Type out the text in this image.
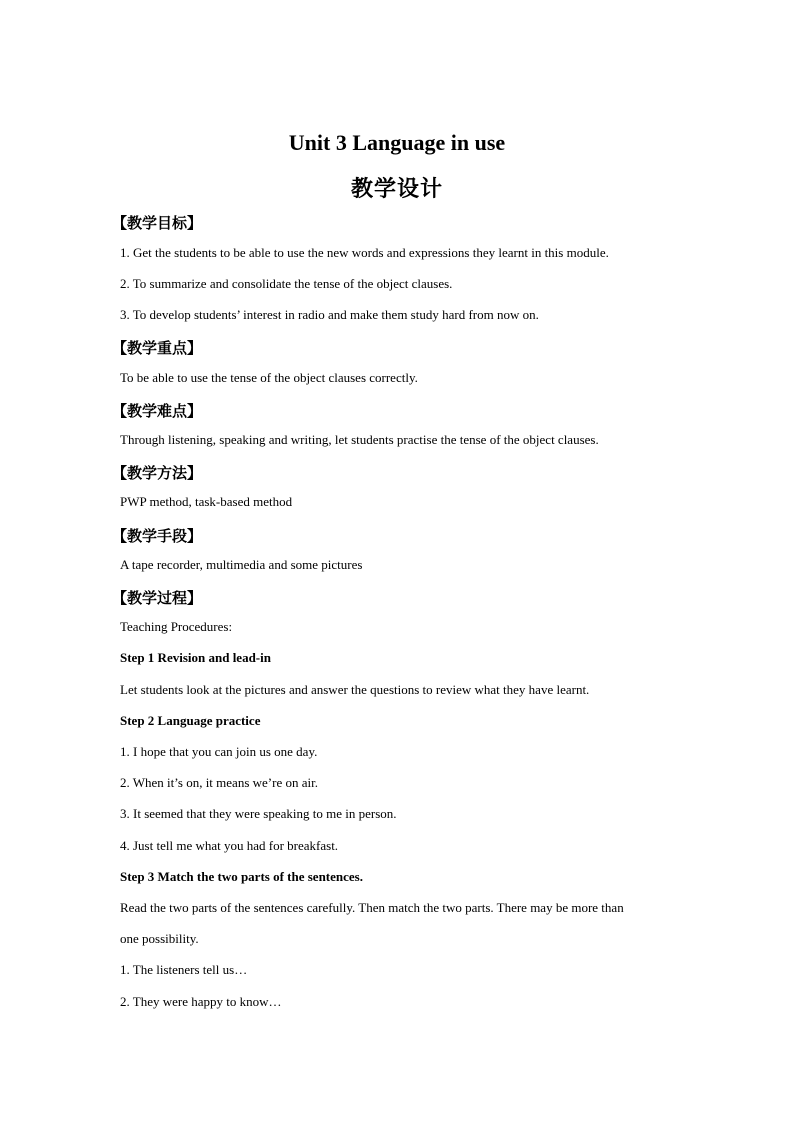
Unit 3 Language in use
教学设计
【教学目标】
1. Get the students to be able to use the new words and expressions they learnt in this module.
2. To summarize and consolidate the tense of the object clauses.
3. To develop students’ interest in radio and make them study hard from now on.
【教学重点】
To be able to use the tense of the object clauses correctly.
【教学难点】
Through listening, speaking and writing, let students practise the tense of the object clauses.
【教学方法】
PWP method, task-based method
【教学手段】
A tape recorder, multimedia and some pictures
【教学过程】
Teaching Procedures:
Step 1 Revision and lead-in
Let students look at the pictures and answer the questions to review what they have learnt.
Step 2 Language practice
1. I hope that you can join us one day.
2. When it’s on, it means we’re on air.
3. It seemed that they were speaking to me in person.
4. Just tell me what you had for breakfast.
Step 3 Match the two parts of the sentences.
Read the two parts of the sentences carefully. Then match the two parts. There may be more than
one possibility.
1. The listeners tell us…
2. They were happy to know…
